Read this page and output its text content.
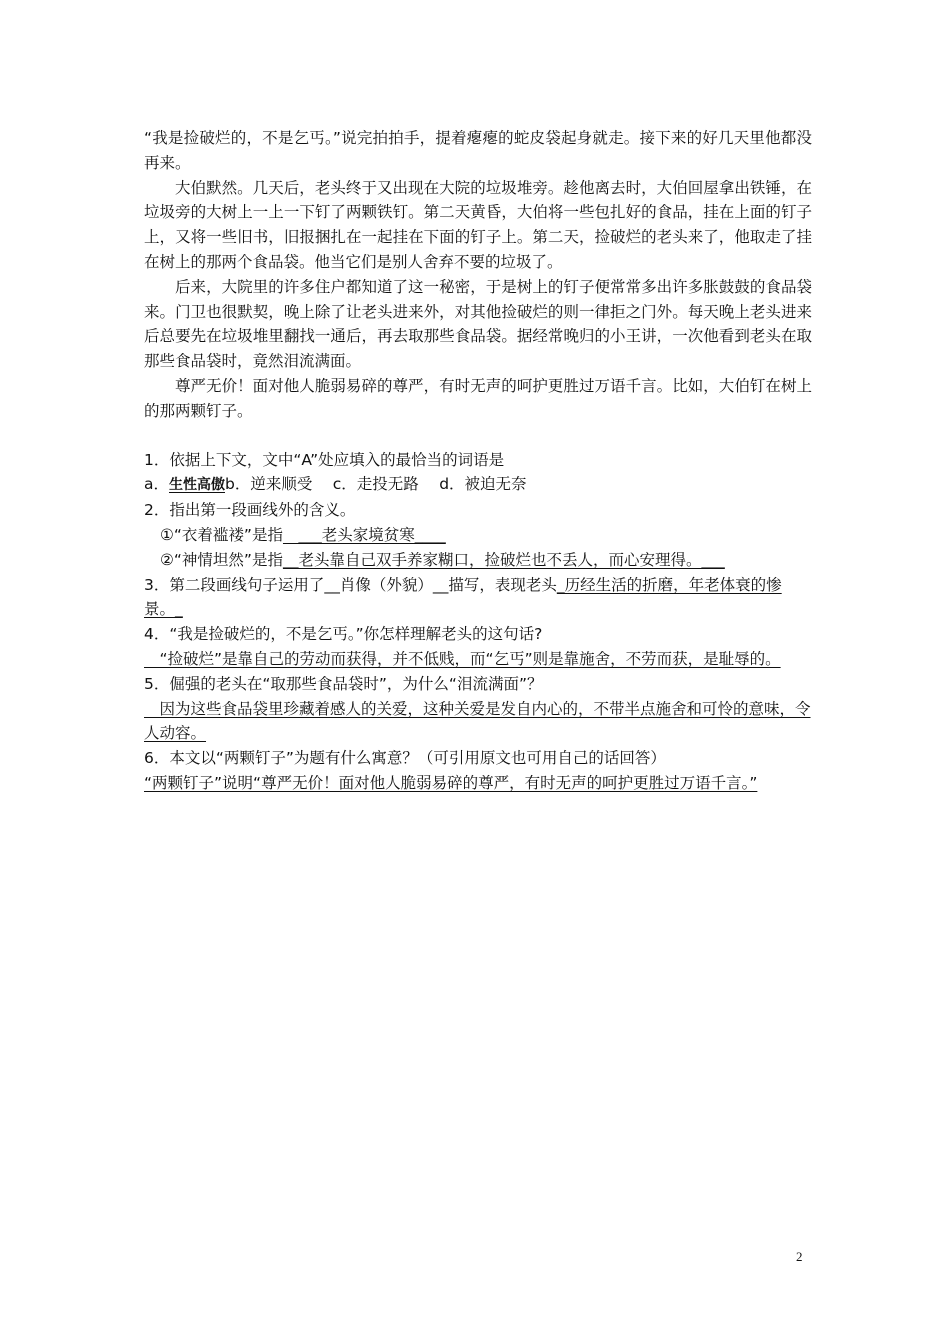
“我是捡破烂的，不是乞丐。”说完拍拍手，提着瘪瘪的蛇皮袋起身就走。接下来的好几天里他都没再来。

大伯默然。几天后，老头终于又出现在大院的垃圾堆旁。趁他离去时，大伯回屋拿出铁锤，在垃圾旁的大树上一上一下钉了两颗铁钉。第二天黄昏，大伯将一些包扎好的食品，挂在上面的钉子上，又将一些旧书，旧报捆扎在一起挂在下面的钉子上。第二天，捡破烂的老头来了，他取走了挂在树上的那两个食品袋。他当它们是别人舍弃不要的垃圾了。

后来，大院里的许多住户都知道了这一秘密，于是树上的钉子便常常多出许多胀鼓鼓的食品袋来。门卫也很默契，晚上除了让老头进来外，对其他捡破烂的则一律拒之门外。每天晚上老头进来后总要先在垃圾堆里翻找一通后，再去取那些食品袋。据经常晚归的小王讲，一次他看到老头在取那些食品袋时，竟然泪流满面。

尊严无价！面对他人脆弱易碎的尊严，有时无声的呵护更胜过万语千言。比如，大伯钉在树上的那两颗钉子。

1．依据上下文，文中“A”处应填入的最恰当的词语是

a．生性高傲b．逆来顺受　 c．走投无路　 d．被迫无奈

2．指出第一段画线外的含义。

①“衣着褴褛”是指　___老头家境贫寒____

②“神情坦然”是指__老头靠自己双手养家糊口，捡破烂也不丢人，而心安理得。___

3．第二段画线句子运用了__肖像（外貌）__描写，表现老头_历经生活的折磨，年老体衰的惨景。_

4．“我是捡破烂的，不是乞丐。”你怎样理解老头的这句话?

　“捡破烂”是靠自己的劳动而获得，并不低贱，而“乞丐”则是靠施舍，不劳而获，是耻辱的。

5．倔强的老头在“取那些食品袋时”，为什么“泪流满面”？

　因为这些食品袋里珍藏着感人的关爱，这种关爱是发自内心的，不带半点施舍和可怜的意味，令人动容。

6．本文以“两颗钉子”为题有什么寓意？（可引用原文也可用自己的话回答）

“两颗钉子”说明“尊严无价！面对他人脆弱易碎的尊严，有时无声的呵护更胜过万语千言。”

2
